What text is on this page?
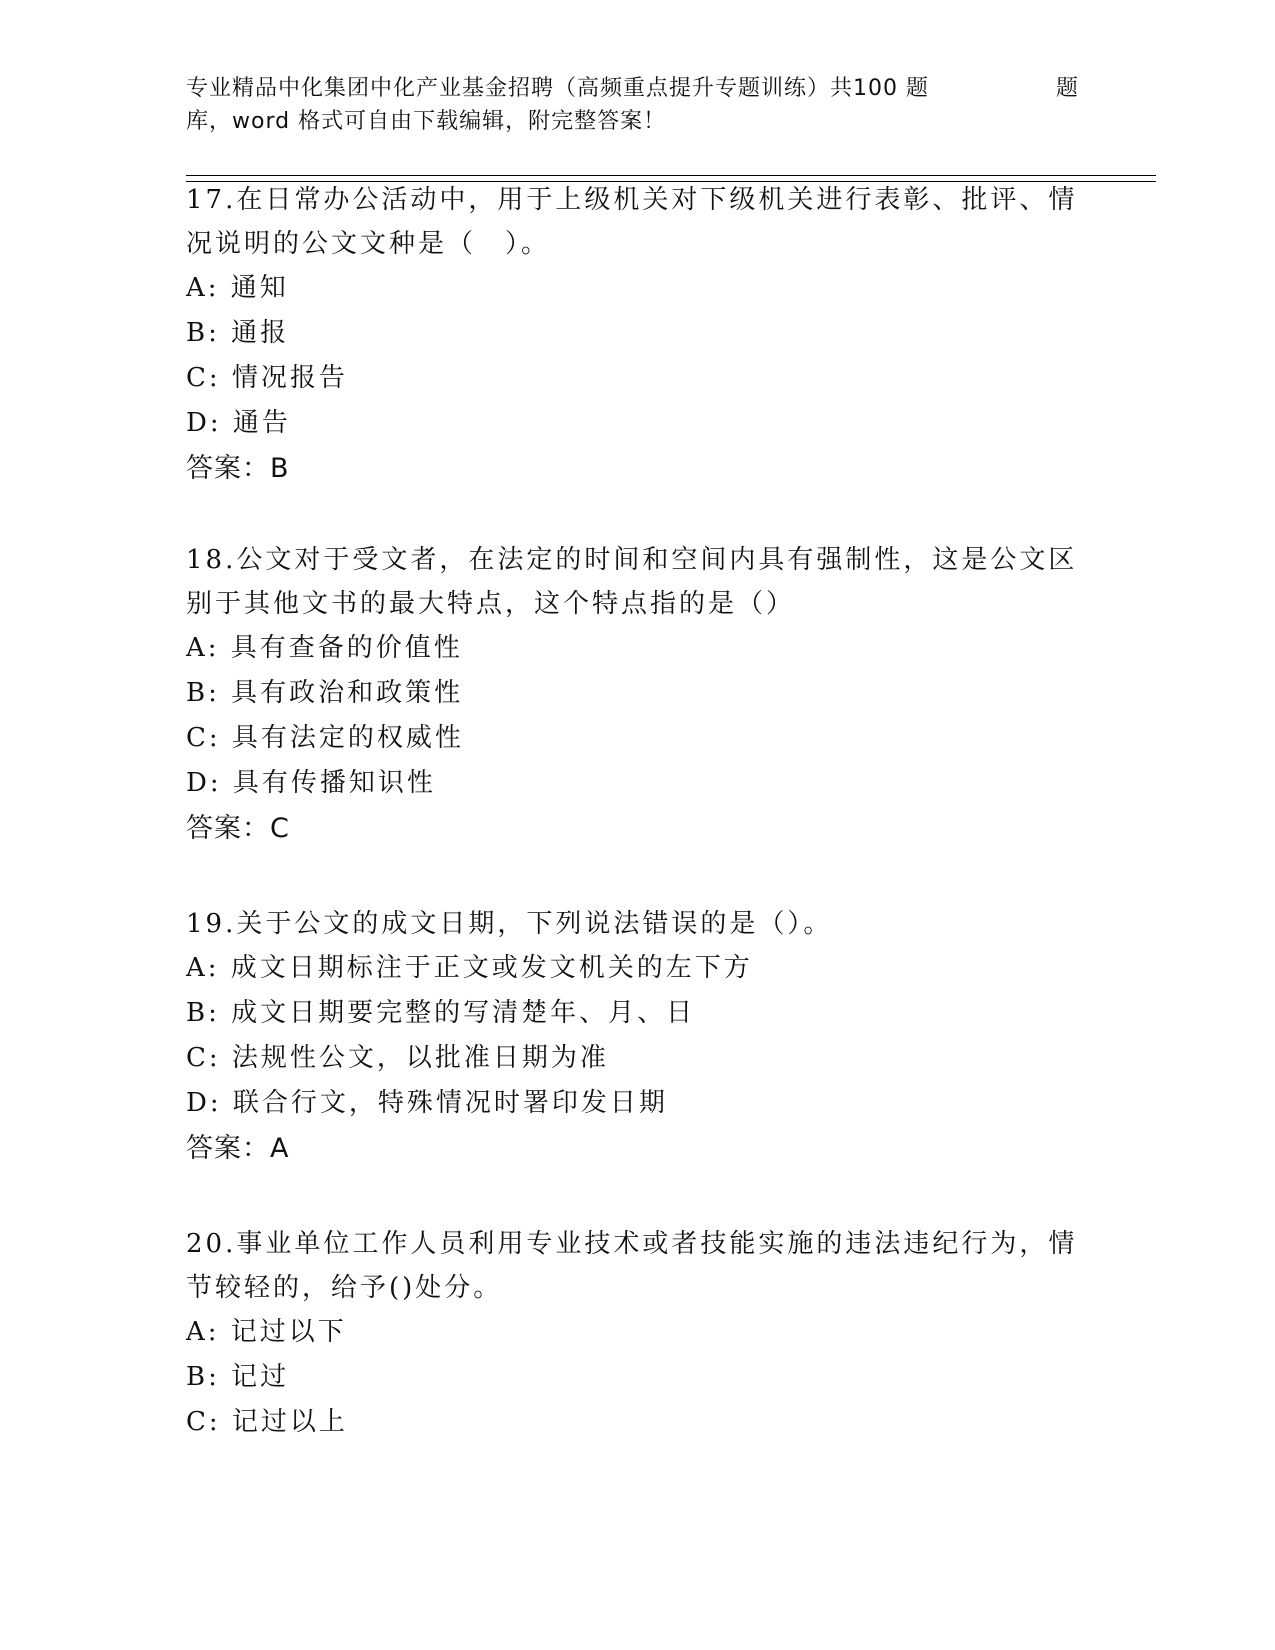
专业精品中化集团中化产业基金招聘（高频重点提升专题训练）共100 题	题
库，word 格式可自由下载编辑，附完整答案！
17.在日常办公活动中，用于上级机关对下级机关进行表彰、批评、情况说明的公文文种是（　）。
A: 通知
B: 通报
C: 情况报告
D: 通告
答案：B
18.公文对于受文者，在法定的时间和空间内具有强制性，这是公文区别于其他文书的最大特点，这个特点指的是（）
A: 具有查备的价值性
B: 具有政治和政策性
C: 具有法定的权威性
D: 具有传播知识性
答案：C
19.关于公文的成文日期，下列说法错误的是（）。
A: 成文日期标注于正文或发文机关的左下方
B: 成文日期要完整的写清楚年、月、日
C: 法规性公文，以批准日期为准
D: 联合行文，特殊情况时署印发日期
答案：A
20.事业单位工作人员利用专业技术或者技能实施的违法违纪行为，情节较轻的，给予()处分。
A: 记过以下
B: 记过
C: 记过以上
